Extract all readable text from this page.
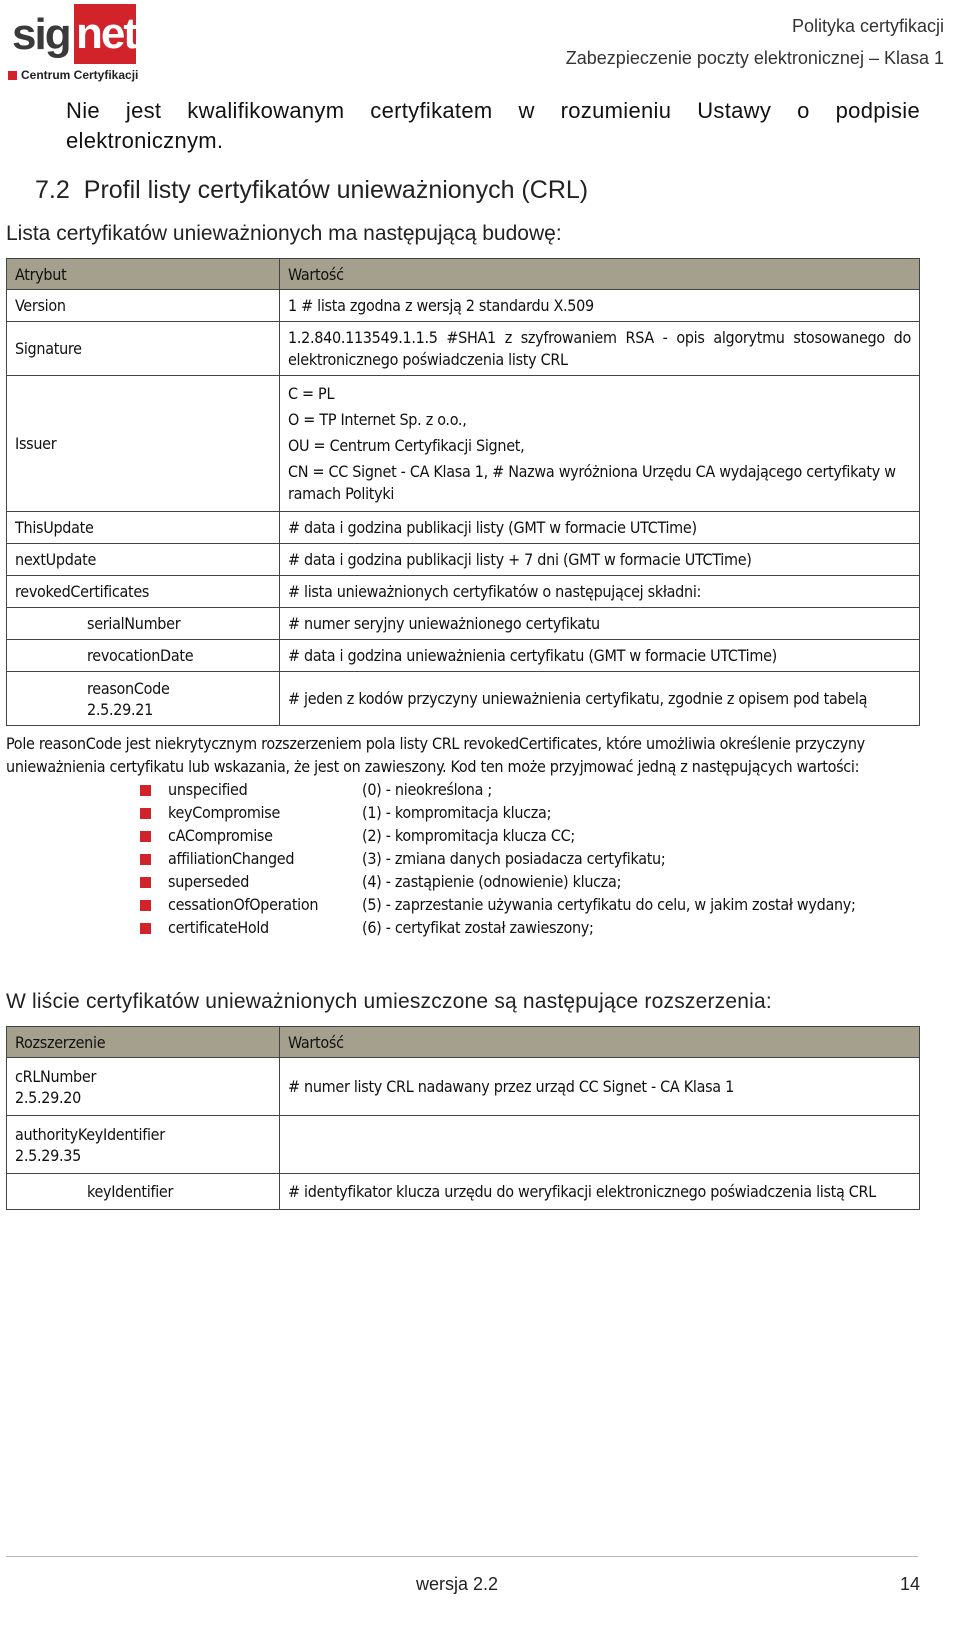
sig net
Centrum Certyfikacji
Polityka certyfikacji
Zabezpieczenie poczty elektronicznej – Klasa 1
Nie jest kwalifikowanym certyfikatem w rozumieniu Ustawy o podpisie elektronicznym.
7.2 Profil listy certyfikatów unieważnionych (CRL)
Lista certyfikatów unieważnionych ma następującą budowę:
Atrybut	Wartość
Version	1 # lista zgodna z wersją 2 standardu X.509
Signature	1.2.840.113549.1.1.5 #SHA1 z szyfrowaniem RSA - opis algorytmu stosowanego do elektronicznego poświadczenia listy CRL
Issuer	C = PL
O = TP Internet Sp. z o.o.,
OU = Centrum Certyfikacji Signet,
CN = CC Signet - CA Klasa 1, # Nazwa wyróżniona Urzędu CA wydającego certyfikaty w ramach Polityki

ThisUpdate	# data i godzina publikacji listy (GMT w formacie UTCTime)
nextUpdate	# data i godzina publikacji listy + 7 dni (GMT w formacie UTCTime)
revokedCertificates	# lista unieważnionych certyfikatów o następującej składni:
serialNumber	# numer seryjny unieważnionego certyfikatu
revocationDate	# data i godzina unieważnienia certyfikatu (GMT w formacie UTCTime)

reasonCode
2.5.29.21	# jeden z kodów przyczyny unieważnienia certyfikatu, zgodnie z opisem pod tabelą
Pole reasonCode jest niekrytycznym rozszerzeniem pola listy CRL revokedCertificates, które umożliwia określenie przyczyny unieważnienia certyfikatu lub wskazania, że jest on zawieszony. Kod ten może przyjmować jedną z następujących wartości:
unspecified	(0) - nieokreślona ;
keyCompromise	(1) - kompromitacja klucza;
cACompromise	(2) - kompromitacja klucza CC;
affiliationChanged	(3) - zmiana danych posiadacza certyfikatu;
superseded	(4) - zastąpienie (odnowienie) klucza;
cessationOfOperation	(5) - zaprzestanie używania certyfikatu do celu, w jakim został wydany;
certificateHold	(6) - certyfikat został zawieszony;
W liście certyfikatów unieważnionych umieszczone są następujące rozszerzenia:
Rozszerzenie	Wartość

cRLNumber
2.5.29.20	# numer listy CRL nadawany przez urząd CC Signet - CA Klasa 1

authorityKeyIdentifier
2.5.29.35	

keyIdentifier	# identyfikator klucza urzędu do weryfikacji elektronicznego poświadczenia listą CRL
wersja 2.2	14
